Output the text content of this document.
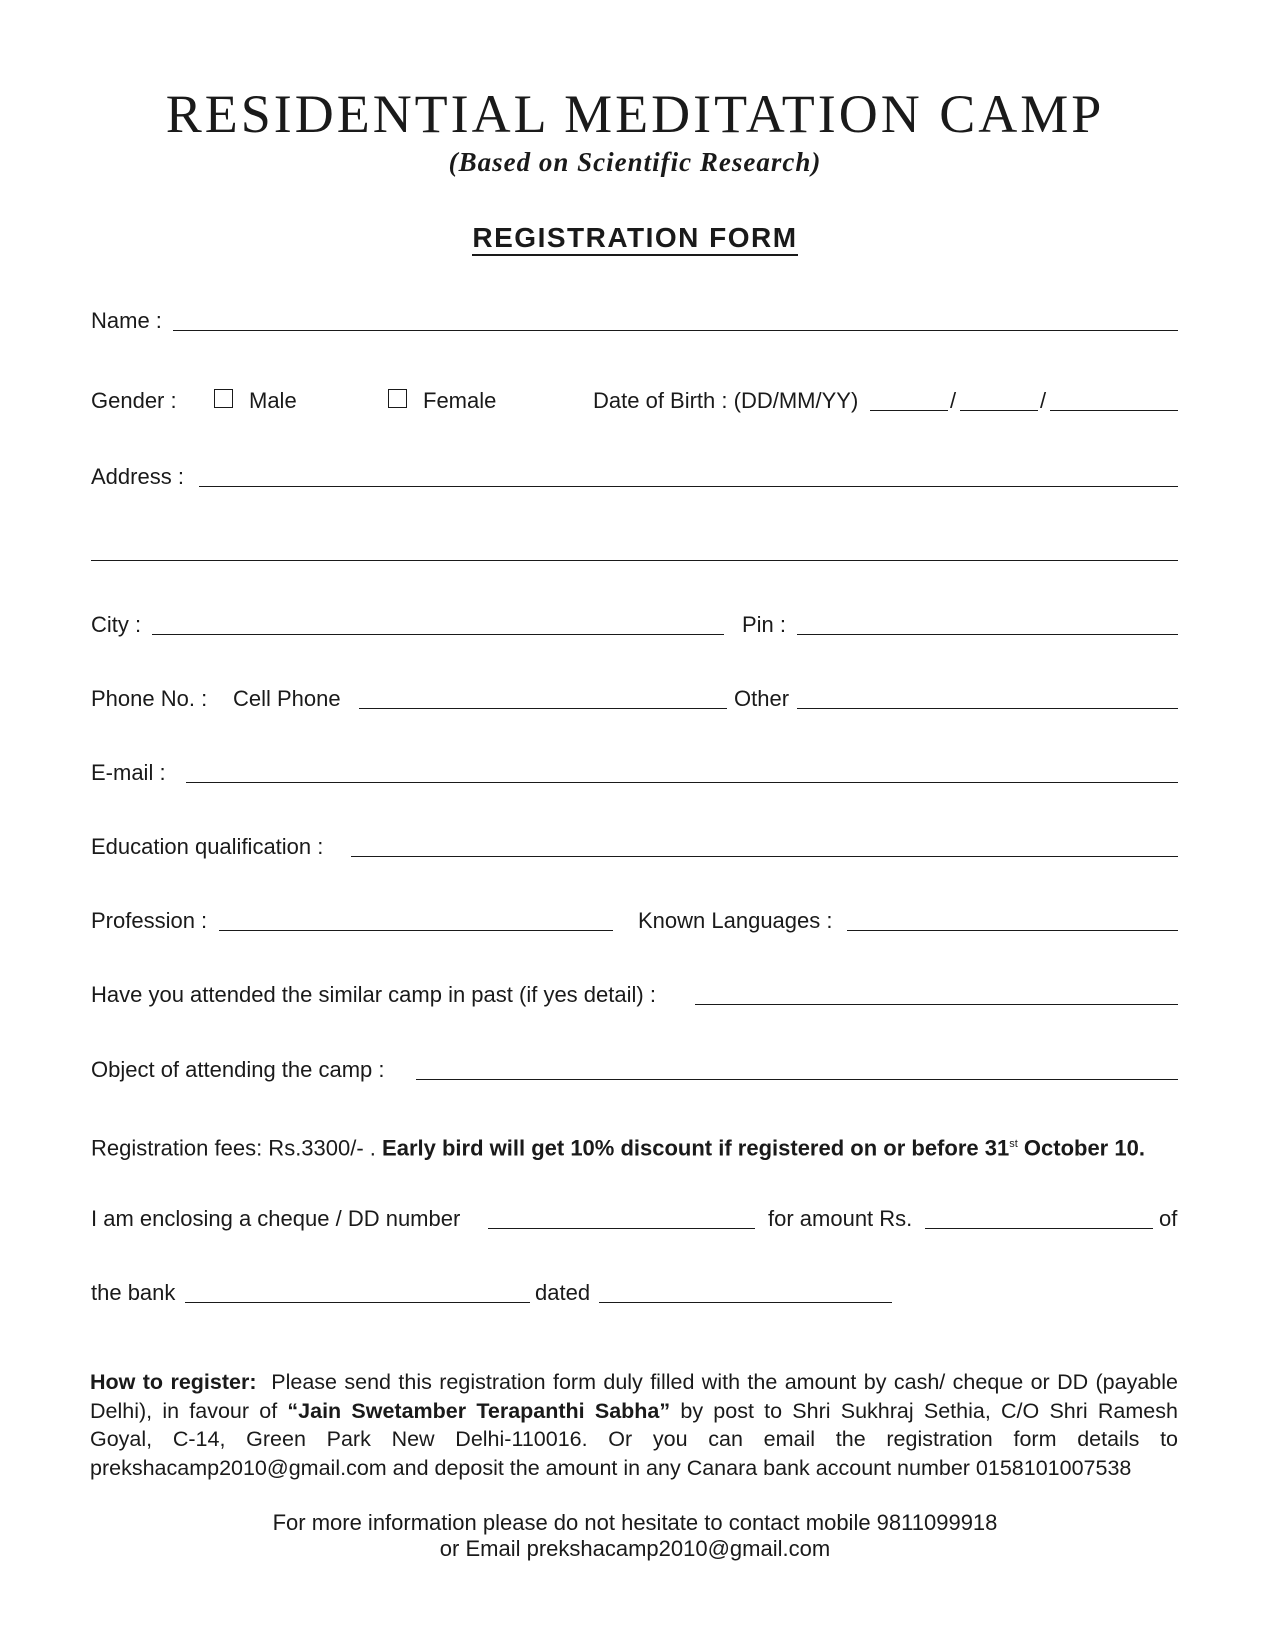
RESIDENTIAL MEDITATION CAMP
(Based on Scientific Research)
REGISTRATION FORM
Name :
Gender :	Male	Female	Date of Birth : (DD/MM/YY)	/	/
Address :
City :	Pin :
Phone No. : Cell Phone	Other
E-mail :
Education qualification :
Profession :	Known Languages :
Have you attended the similar camp in past (if yes detail) :
Object of attending the camp :
Registration fees: Rs.3300/- . Early bird will get 10% discount if registered on or before 31st October 10.
I am enclosing a cheque / DD number	for amount Rs.	of
the bank	dated
How to register: Please send this registration form duly filled with the amount by cash/ cheque or DD (payable Delhi), in favour of “Jain Swetamber Terapanthi Sabha” by post to Shri Sukhraj Sethia, C/O Shri Ramesh Goyal, C-14, Green Park New Delhi-110016. Or you can email the registration form details to prekshacamp2010@gmail.com and deposit the amount in any Canara bank account number 0158101007538
For more information please do not hesitate to contact mobile 9811099918
or Email prekshacamp2010@gmail.com
